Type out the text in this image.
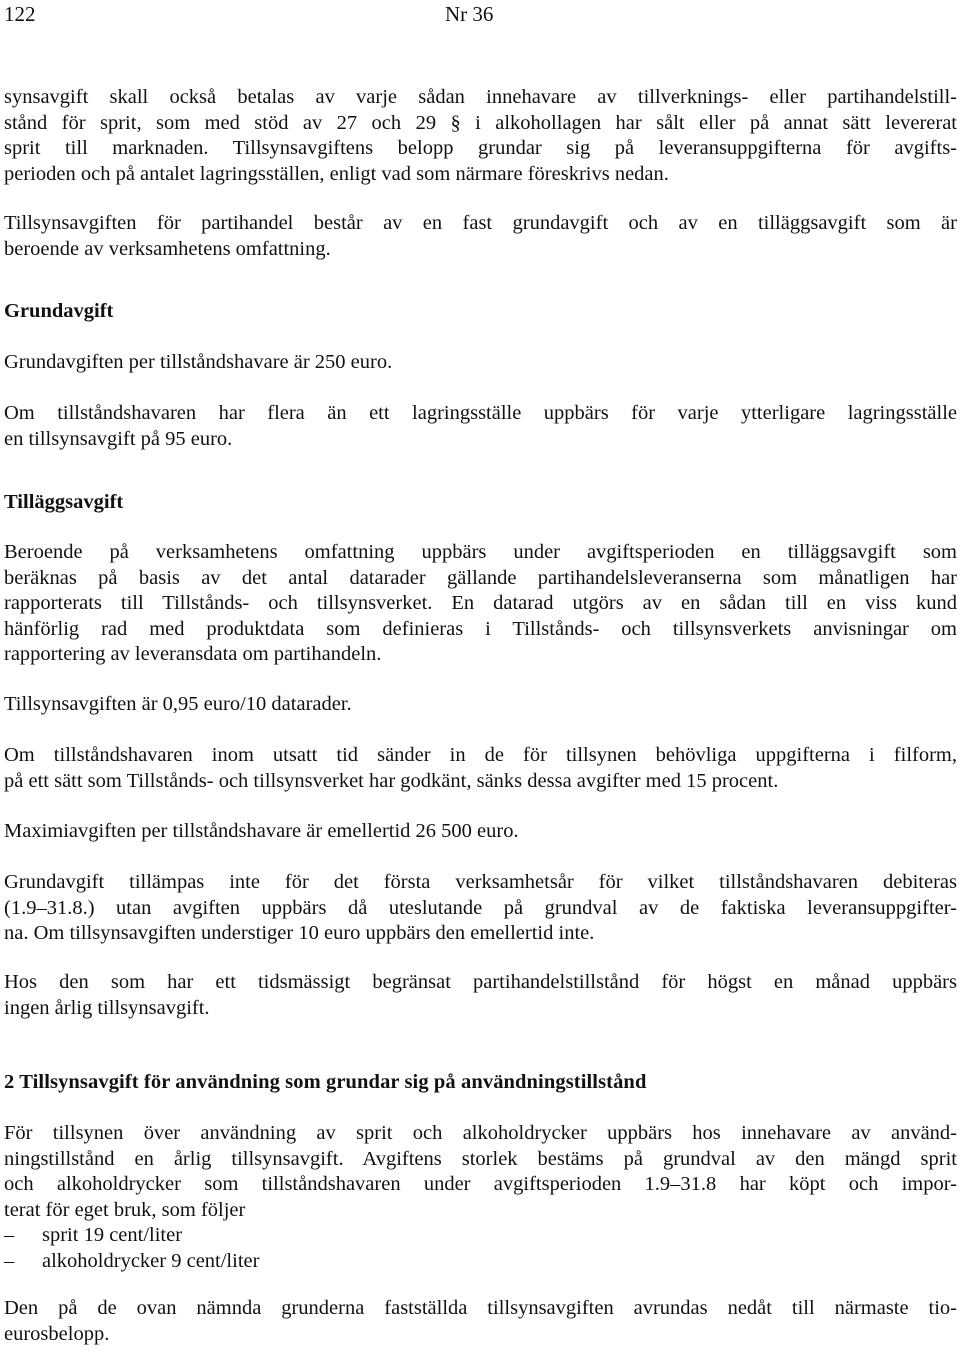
122	Nr 36
synsavgift skall också betalas av varje sådan innehavare av tillverknings- eller partihandelstill-
stånd för sprit, som med stöd av 27 och 29 § i alkohollagen har sålt eller på annat sätt levererat
sprit till marknaden. Tillsynsavgiftens belopp grundar sig på leveransuppgifterna för avgifts-
perioden och på antalet lagringsställen, enligt vad som närmare föreskrivs nedan.
Tillsynsavgiften för partihandel består av en fast grundavgift och av en tilläggsavgift som är
beroende av verksamhetens omfattning.
Grundavgift
Grundavgiften per tillståndshavare är 250 euro.
Om tillståndshavaren har flera än ett lagringsställe uppbärs för varje ytterligare lagringsställe
en tillsynsavgift på 95 euro.
Tilläggsavgift
Beroende på verksamhetens omfattning uppbärs under avgiftsperioden en tilläggsavgift som
beräknas på basis av det antal datarader gällande partihandelsleveranserna som månatligen har
rapporterats till Tillstånds- och tillsynsverket. En datarad utgörs av en sådan till en viss kund
hänförlig rad med produktdata som definieras i Tillstånds- och tillsynsverkets anvisningar om
rapportering av leveransdata om partihandeln.
Tillsynsavgiften är 0,95 euro/10 datarader.
Om tillståndshavaren inom utsatt tid sänder in de för tillsynen behövliga uppgifterna i filform,
på ett sätt som Tillstånds- och tillsynsverket har godkänt, sänks dessa avgifter med 15 procent.
Maximiavgiften per tillståndshavare är emellertid 26 500 euro.
Grundavgift tillämpas inte för det första verksamhetsår för vilket tillståndshavaren debiteras
(1.9–31.8.) utan avgiften uppbärs då uteslutande på grundval av de faktiska leveransuppgifter-
na. Om tillsynsavgiften understiger 10 euro uppbärs den emellertid inte.
Hos den som har ett tidsmässigt begränsat partihandelstillstånd för högst en månad uppbärs
ingen årlig tillsynsavgift.
2 Tillsynsavgift för användning som grundar sig på användningstillstånd
För tillsynen över användning av sprit och alkoholdrycker uppbärs hos innehavare av använd-
ningstillstånd en årlig tillsynsavgift. Avgiftens storlek bestäms på grundval av den mängd sprit
och alkoholdrycker som tillståndshavaren under avgiftsperioden 1.9–31.8 har köpt och impor-
terat för eget bruk, som följer
– sprit 19 cent/liter
– alkoholdrycker 9 cent/liter
Den på de ovan nämnda grunderna fastställda tillsynsavgiften avrundas nedåt till närmaste tio-
eurosbelopp.
